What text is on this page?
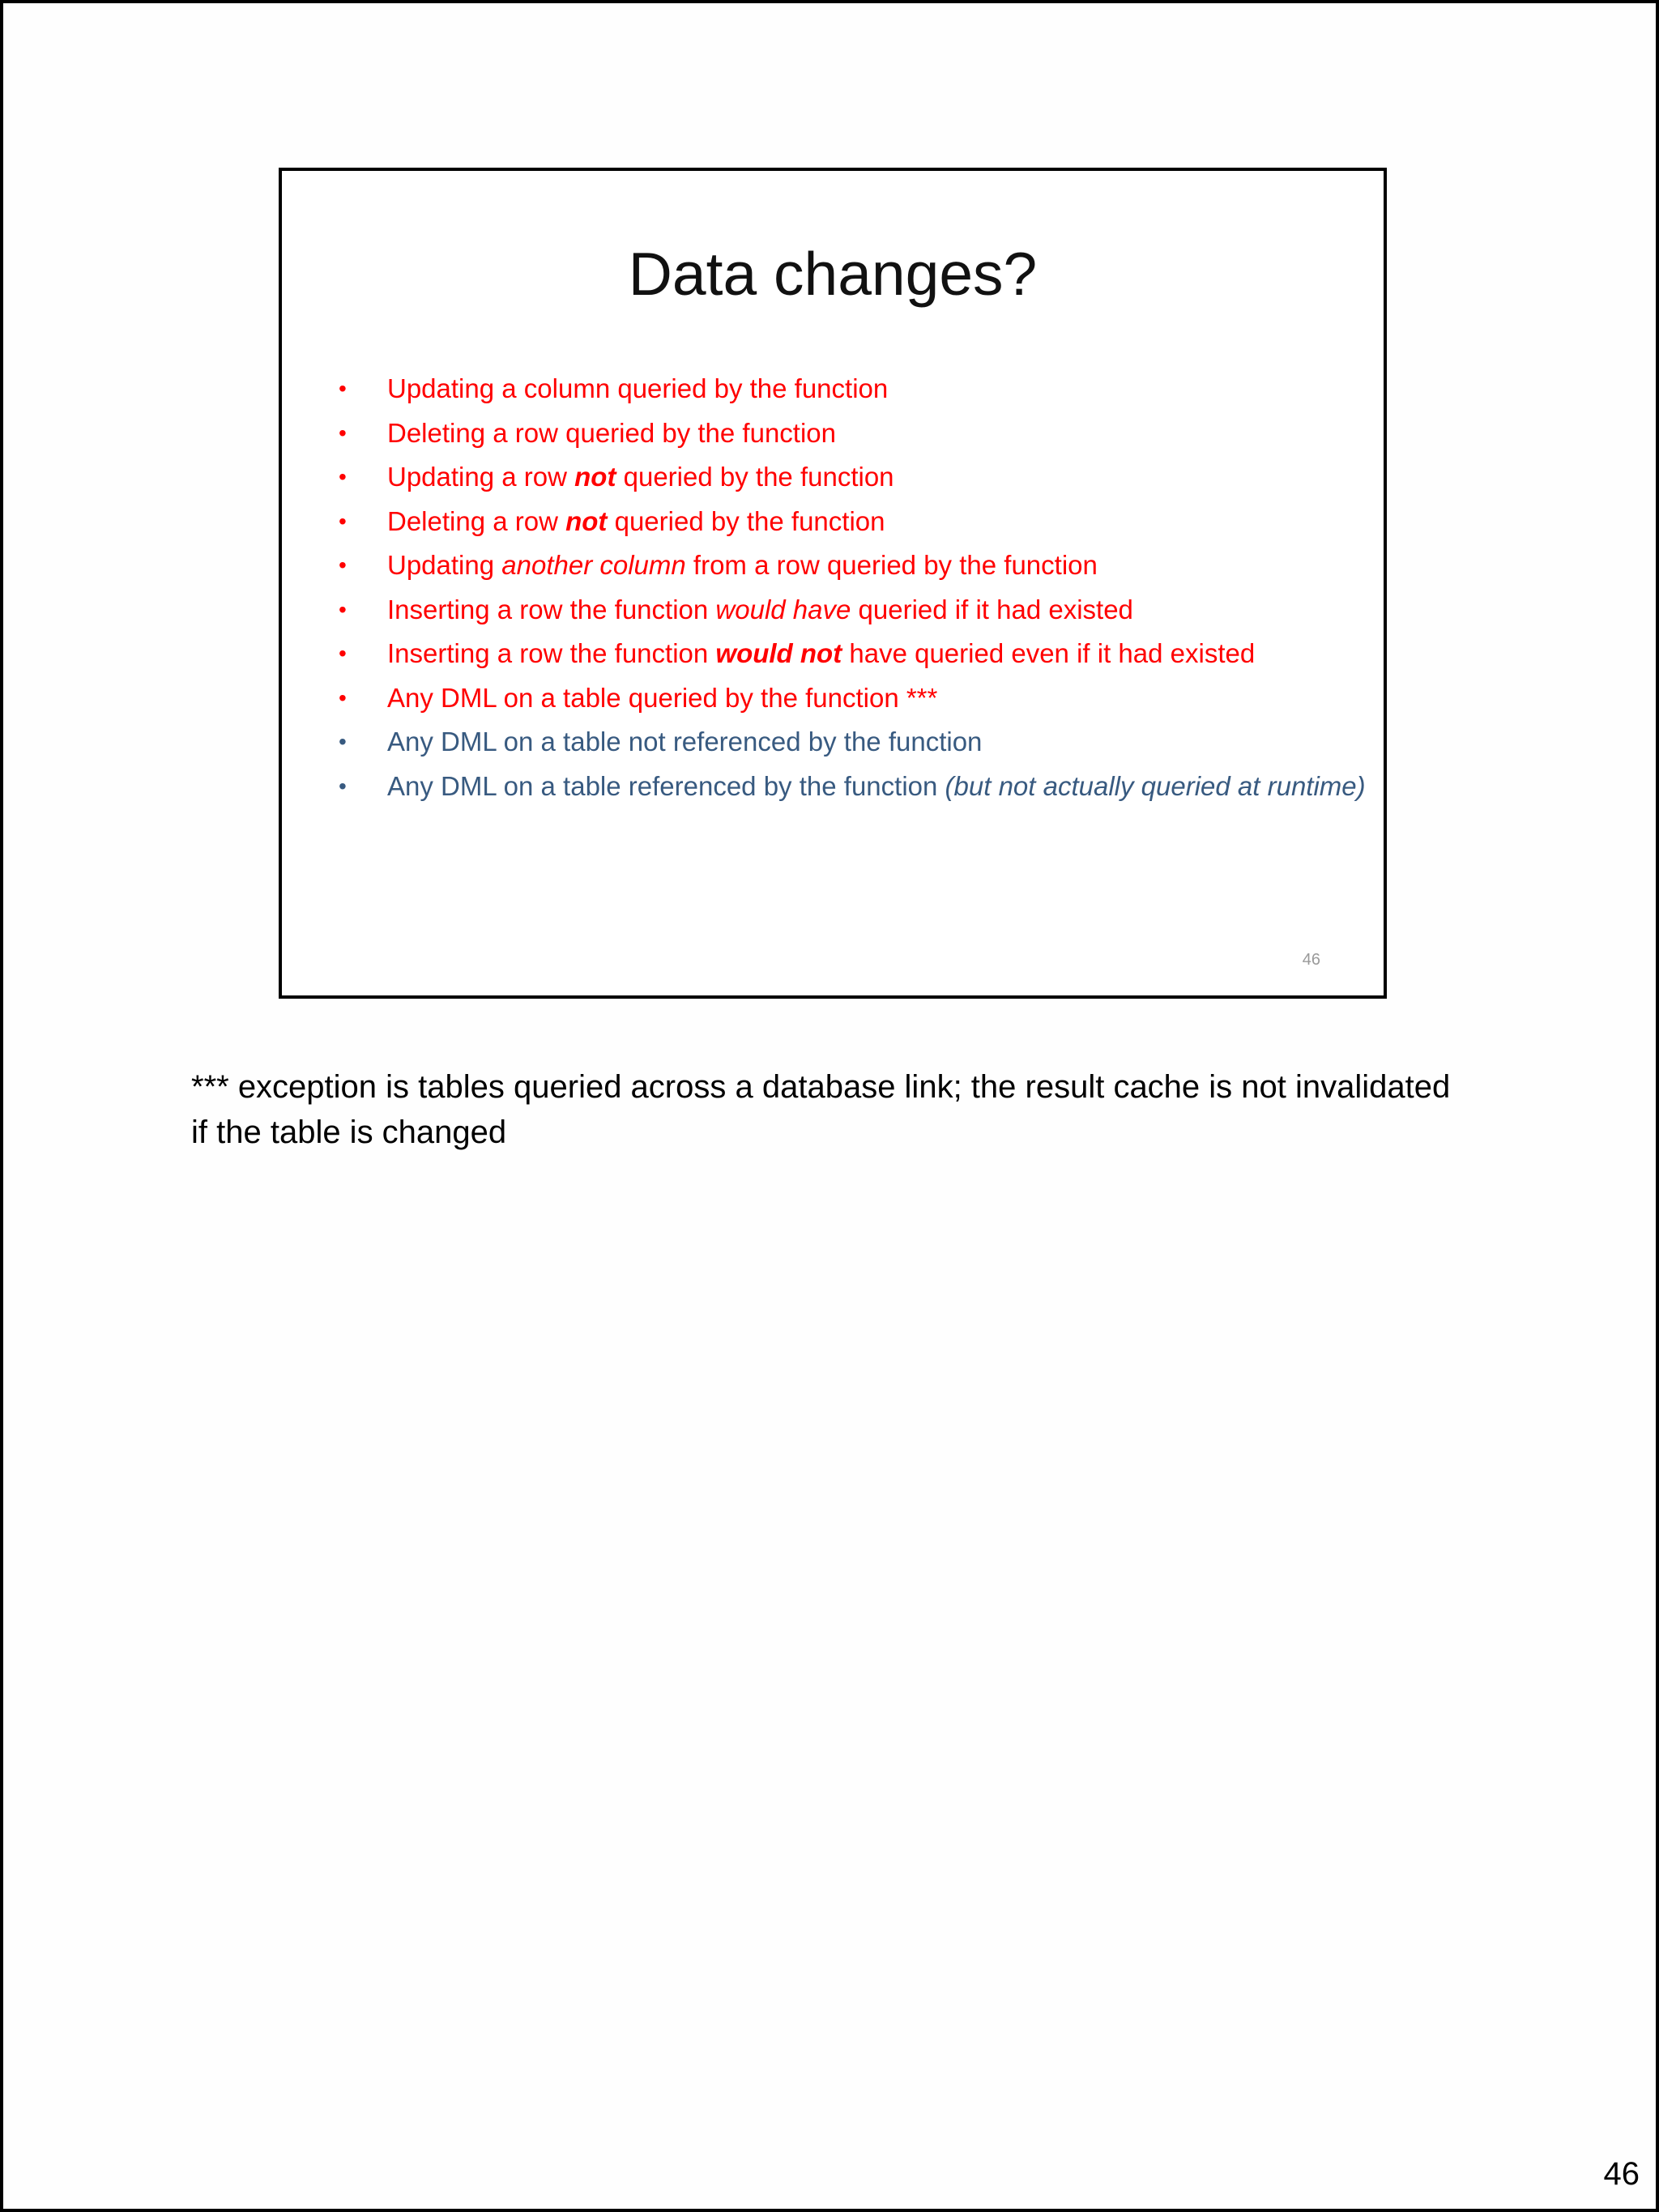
Data changes?
•	Updating a column queried by the function
•	Deleting a row queried by the function
•	Updating a row not queried by the function
•	Deleting a row not queried by the function
•	Updating another column from a row queried by the function
•	Inserting a row the function would have queried if it had existed
•	Inserting a row the function would not have queried even if it had existed
•	Any DML on a table queried by the function ***
•	Any DML on a table not referenced by the function
•	Any DML on a table referenced by the function (but not actually queried at runtime)
46
*** exception is tables queried across a database link; the result cache is not invalidated if the table is changed
46
